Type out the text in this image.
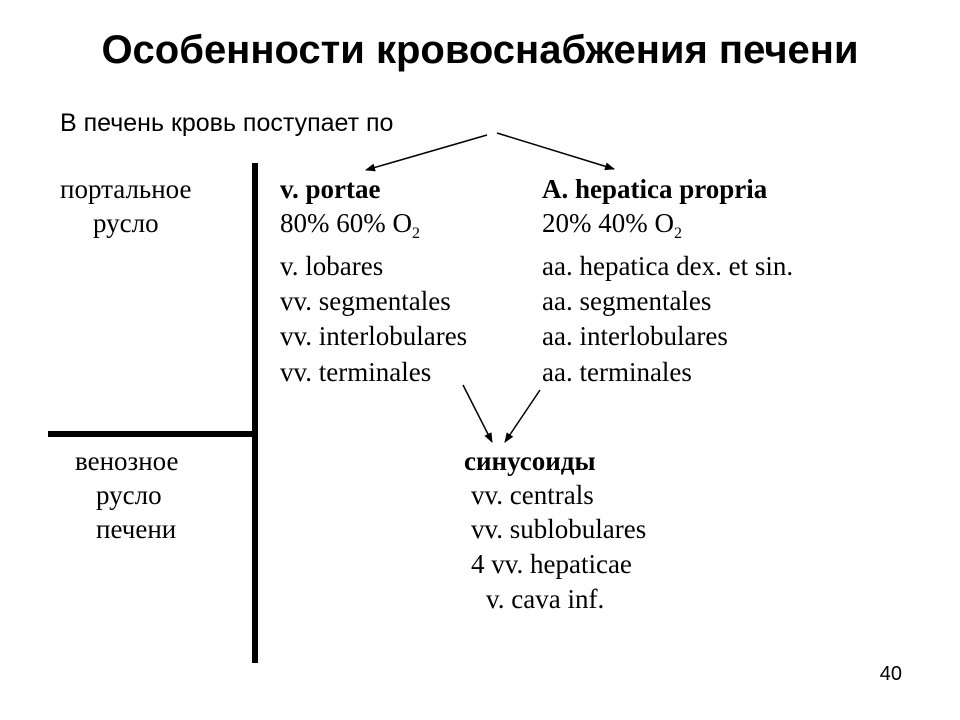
Особенности кровоснабжения печени
В печень кровь поступает по
портальное
русло
венозное
русло
печени
v. portae
80% 60% $O_2$
v. lobares
vv. segmentales
vv. interlobulares
vv. terminales
A. hepatica propria
20% 40% $O_2$
aa. hepatica dex. et sin.
aa. segmentales
aa. interlobulares
aa. terminales
синусоиды
vv. centrals
vv. sublobulares
4 vv. hepaticae
v. cava inf.
40
